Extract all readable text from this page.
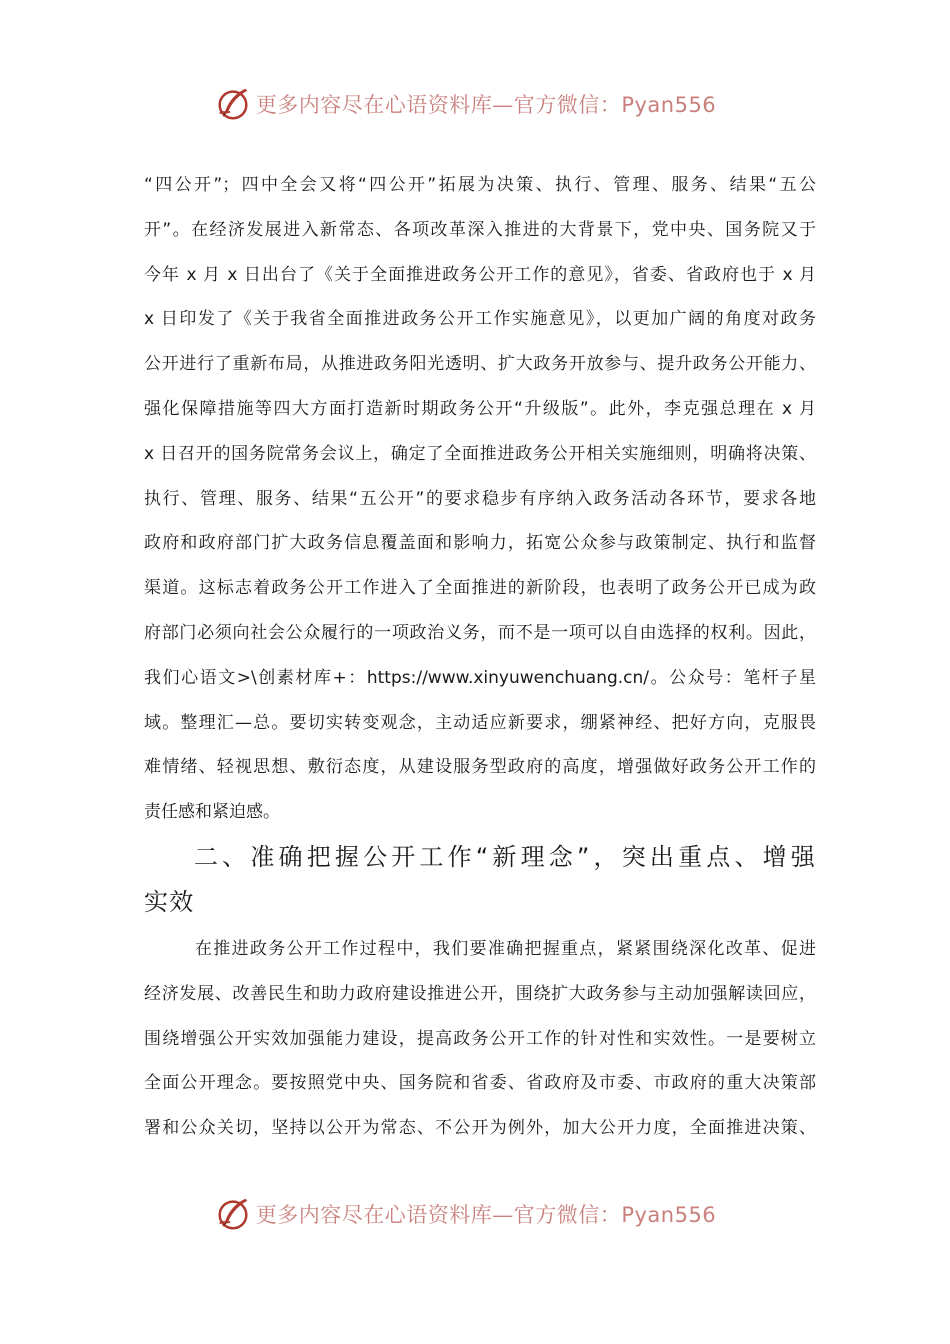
更多内容尽在心语资料库—官方微信：Pyan556

“四公开”；四中全会又将“四公开”拓展为决策、执行、管理、服务、结果“五公
开”。在经济发展进入新常态、各项改革深入推进的大背景下，党中央、国务院又于
今年 x 月 x 日出台了《关于全面推进政务公开工作的意见》，省委、省政府也于 x 月
x 日印发了《关于我省全面推进政务公开工作实施意见》，以更加广阔的角度对政务
公开进行了重新布局，从推进政务阳光透明、扩大政务开放参与、提升政务公开能力、
强化保障措施等四大方面打造新时期政务公开“升级版”。此外，李克强总理在 x 月
x 日召开的国务院常务会议上，确定了全面推进政务公开相关实施细则，明确将决策、
执行、管理、服务、结果“五公开”的要求稳步有序纳入政务活动各环节，要求各地
政府和政府部门扩大政务信息覆盖面和影响力，拓宽公众参与政策制定、执行和监督
渠道。这标志着政务公开工作进入了全面推进的新阶段，也表明了政务公开已成为政
府部门必须向社会公众履行的一项政治义务，而不是一项可以自由选择的权利。因此，
我们心语文>\创素材库+：https://www.xinyuwenchuang.cn/。公众号：笔杆子星
域。整理汇—总。要切实转变观念，主动适应新要求，绷紧神经、把好方向，克服畏
难情绪、轻视思想、敷衍态度，从建设服务型政府的高度，增强做好政务公开工作的
责任感和紧迫感。

二、准确把握公开工作“新理念”，突出重点、增强
实效

在推进政务公开工作过程中，我们要准确把握重点，紧紧围绕深化改革、促进
经济发展、改善民生和助力政府建设推进公开，围绕扩大政务参与主动加强解读回应，
围绕增强公开实效加强能力建设，提高政务公开工作的针对性和实效性。一是要树立
全面公开理念。要按照党中央、国务院和省委、省政府及市委、市政府的重大决策部
署和公众关切，坚持以公开为常态、不公开为例外，加大公开力度，全面推进决策、

更多内容尽在心语资料库—官方微信：Pyan556
